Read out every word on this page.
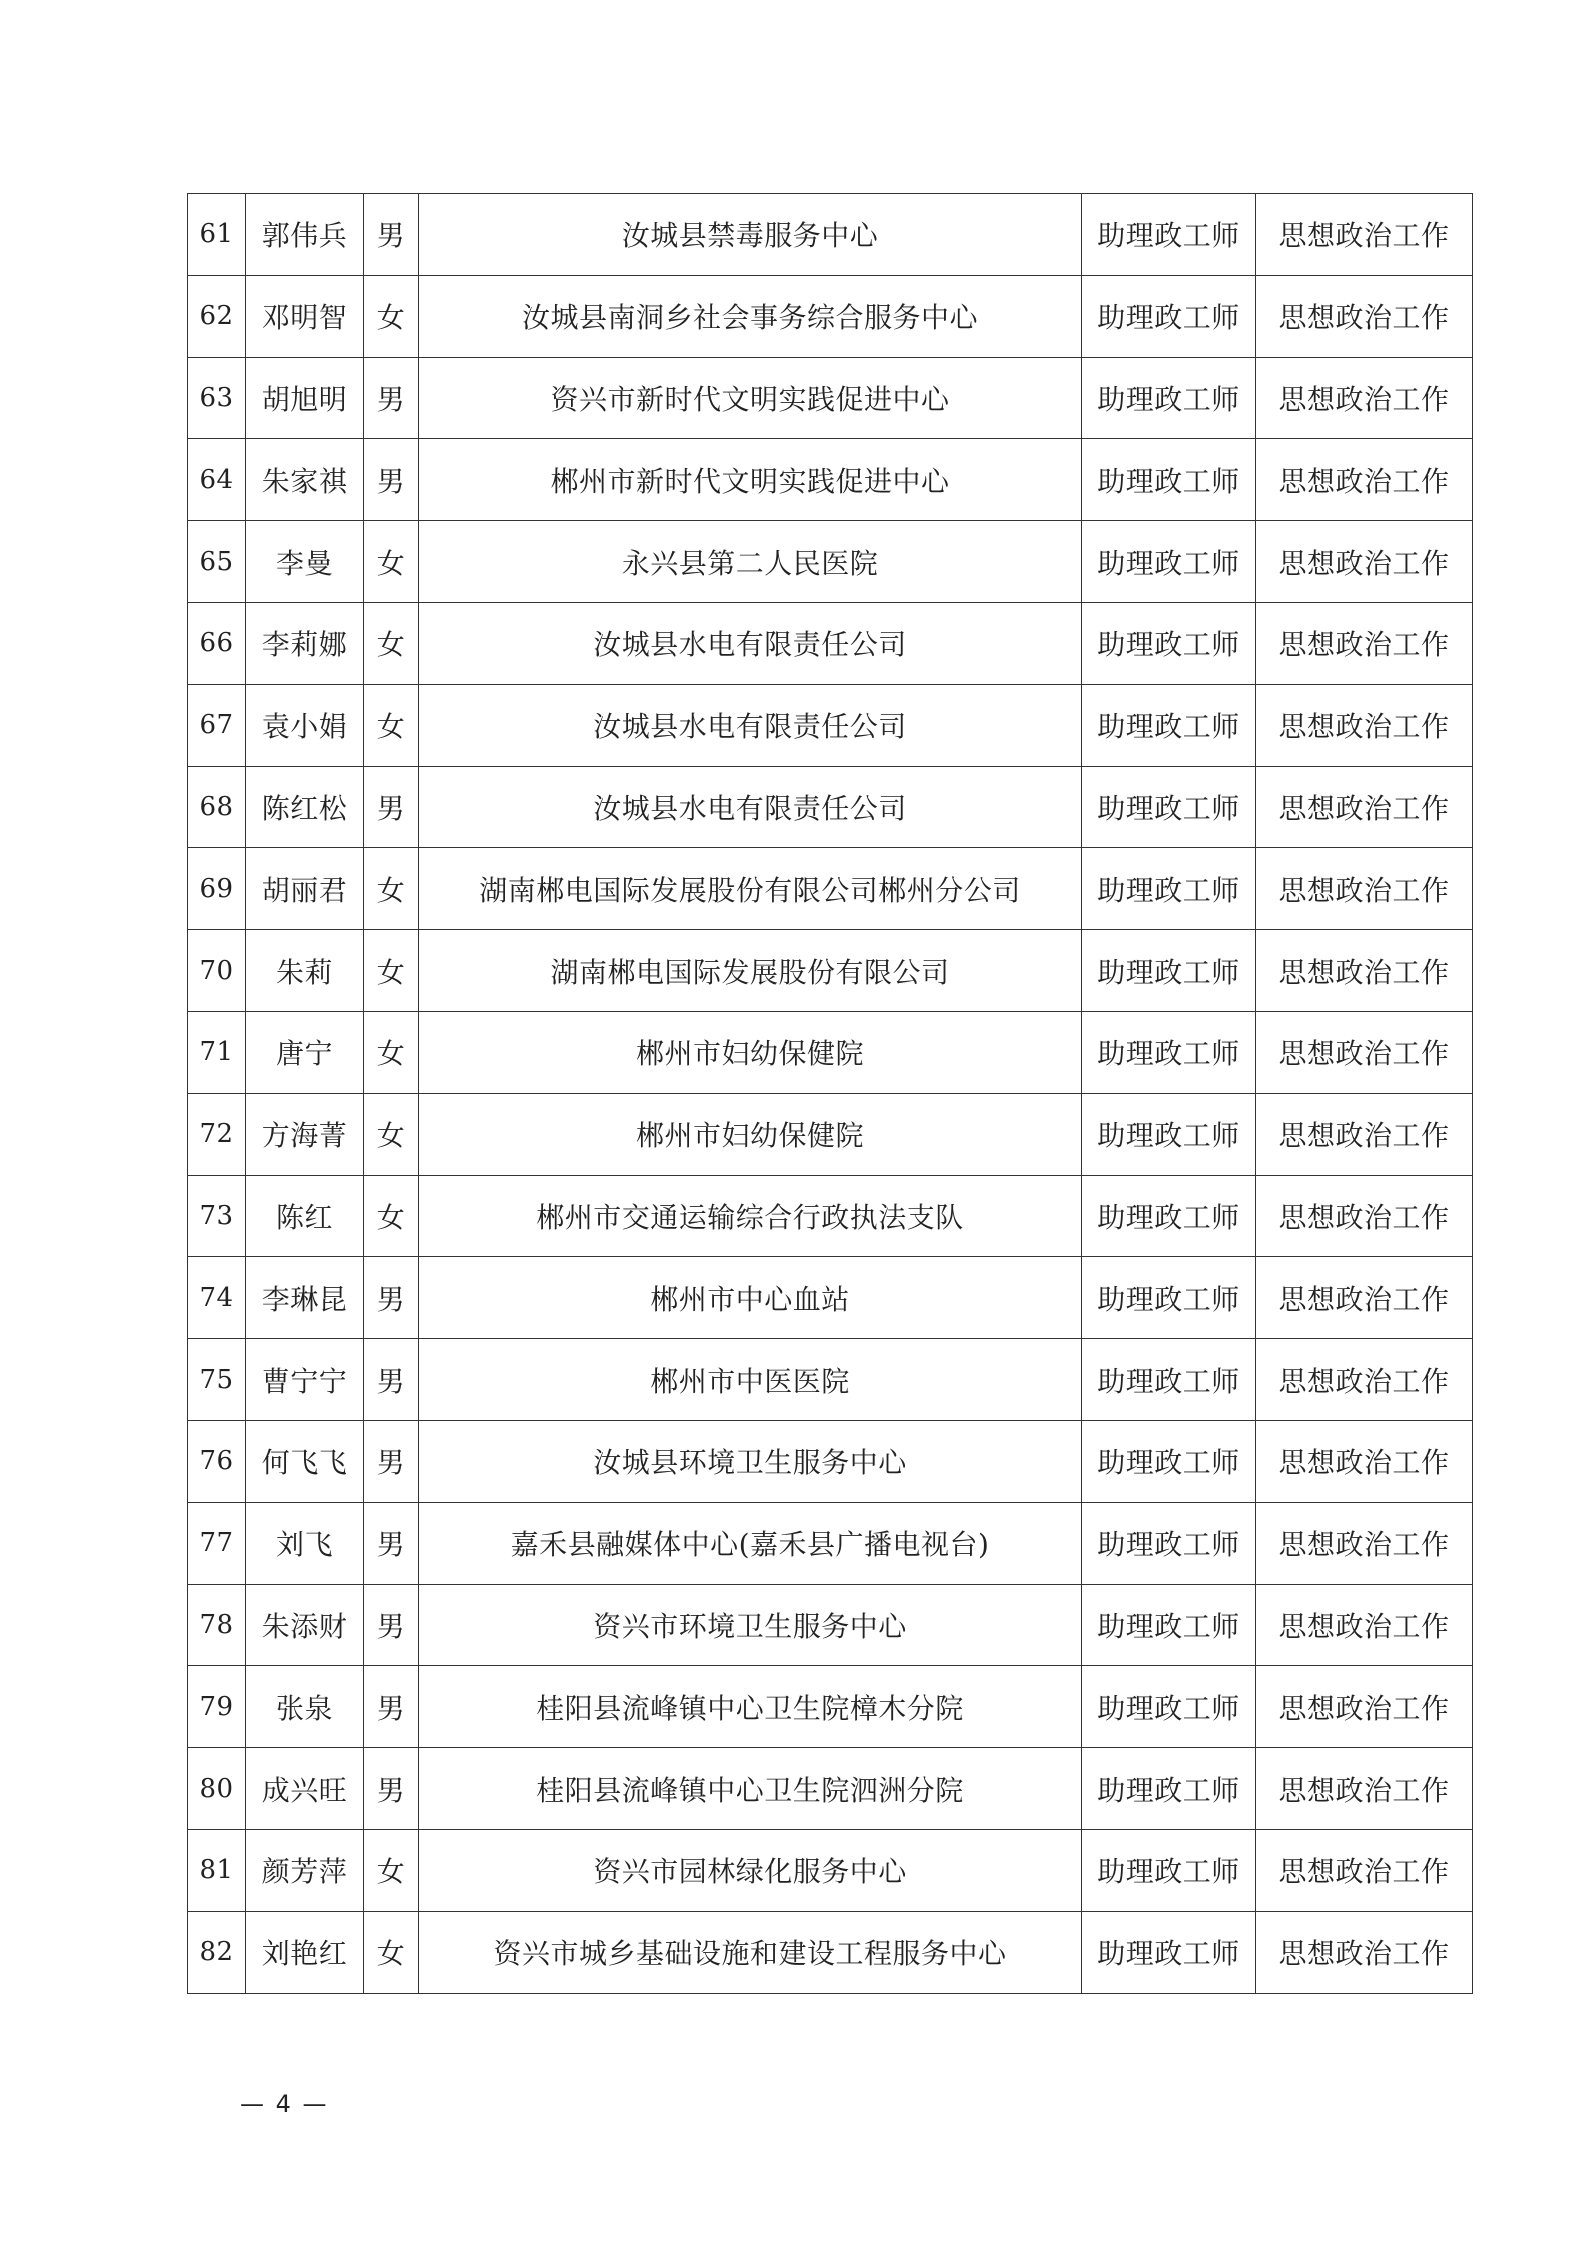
61	郭伟兵	男	汝城县禁毒服务中心	助理政工师	思想政治工作
62	邓明智	女	汝城县南洞乡社会事务综合服务中心	助理政工师	思想政治工作
63	胡旭明	男	资兴市新时代文明实践促进中心	助理政工师	思想政治工作
64	朱家祺	男	郴州市新时代文明实践促进中心	助理政工师	思想政治工作
65	李曼	女	永兴县第二人民医院	助理政工师	思想政治工作
66	李莉娜	女	汝城县水电有限责任公司	助理政工师	思想政治工作
67	袁小娟	女	汝城县水电有限责任公司	助理政工师	思想政治工作
68	陈红松	男	汝城县水电有限责任公司	助理政工师	思想政治工作
69	胡丽君	女	湖南郴电国际发展股份有限公司郴州分公司	助理政工师	思想政治工作
70	朱莉	女	湖南郴电国际发展股份有限公司	助理政工师	思想政治工作
71	唐宁	女	郴州市妇幼保健院	助理政工师	思想政治工作
72	方海菁	女	郴州市妇幼保健院	助理政工师	思想政治工作
73	陈红	女	郴州市交通运输综合行政执法支队	助理政工师	思想政治工作
74	李琳昆	男	郴州市中心血站	助理政工师	思想政治工作
75	曹宁宁	男	郴州市中医医院	助理政工师	思想政治工作
76	何飞飞	男	汝城县环境卫生服务中心	助理政工师	思想政治工作
77	刘飞	男	嘉禾县融媒体中心(嘉禾县广播电视台)	助理政工师	思想政治工作
78	朱添财	男	资兴市环境卫生服务中心	助理政工师	思想政治工作
79	张泉	男	桂阳县流峰镇中心卫生院樟木分院	助理政工师	思想政治工作
80	成兴旺	男	桂阳县流峰镇中心卫生院泗洲分院	助理政工师	思想政治工作
81	颜芳萍	女	资兴市园林绿化服务中心	助理政工师	思想政治工作
82	刘艳红	女	资兴市城乡基础设施和建设工程服务中心	助理政工师	思想政治工作
— 4 —
